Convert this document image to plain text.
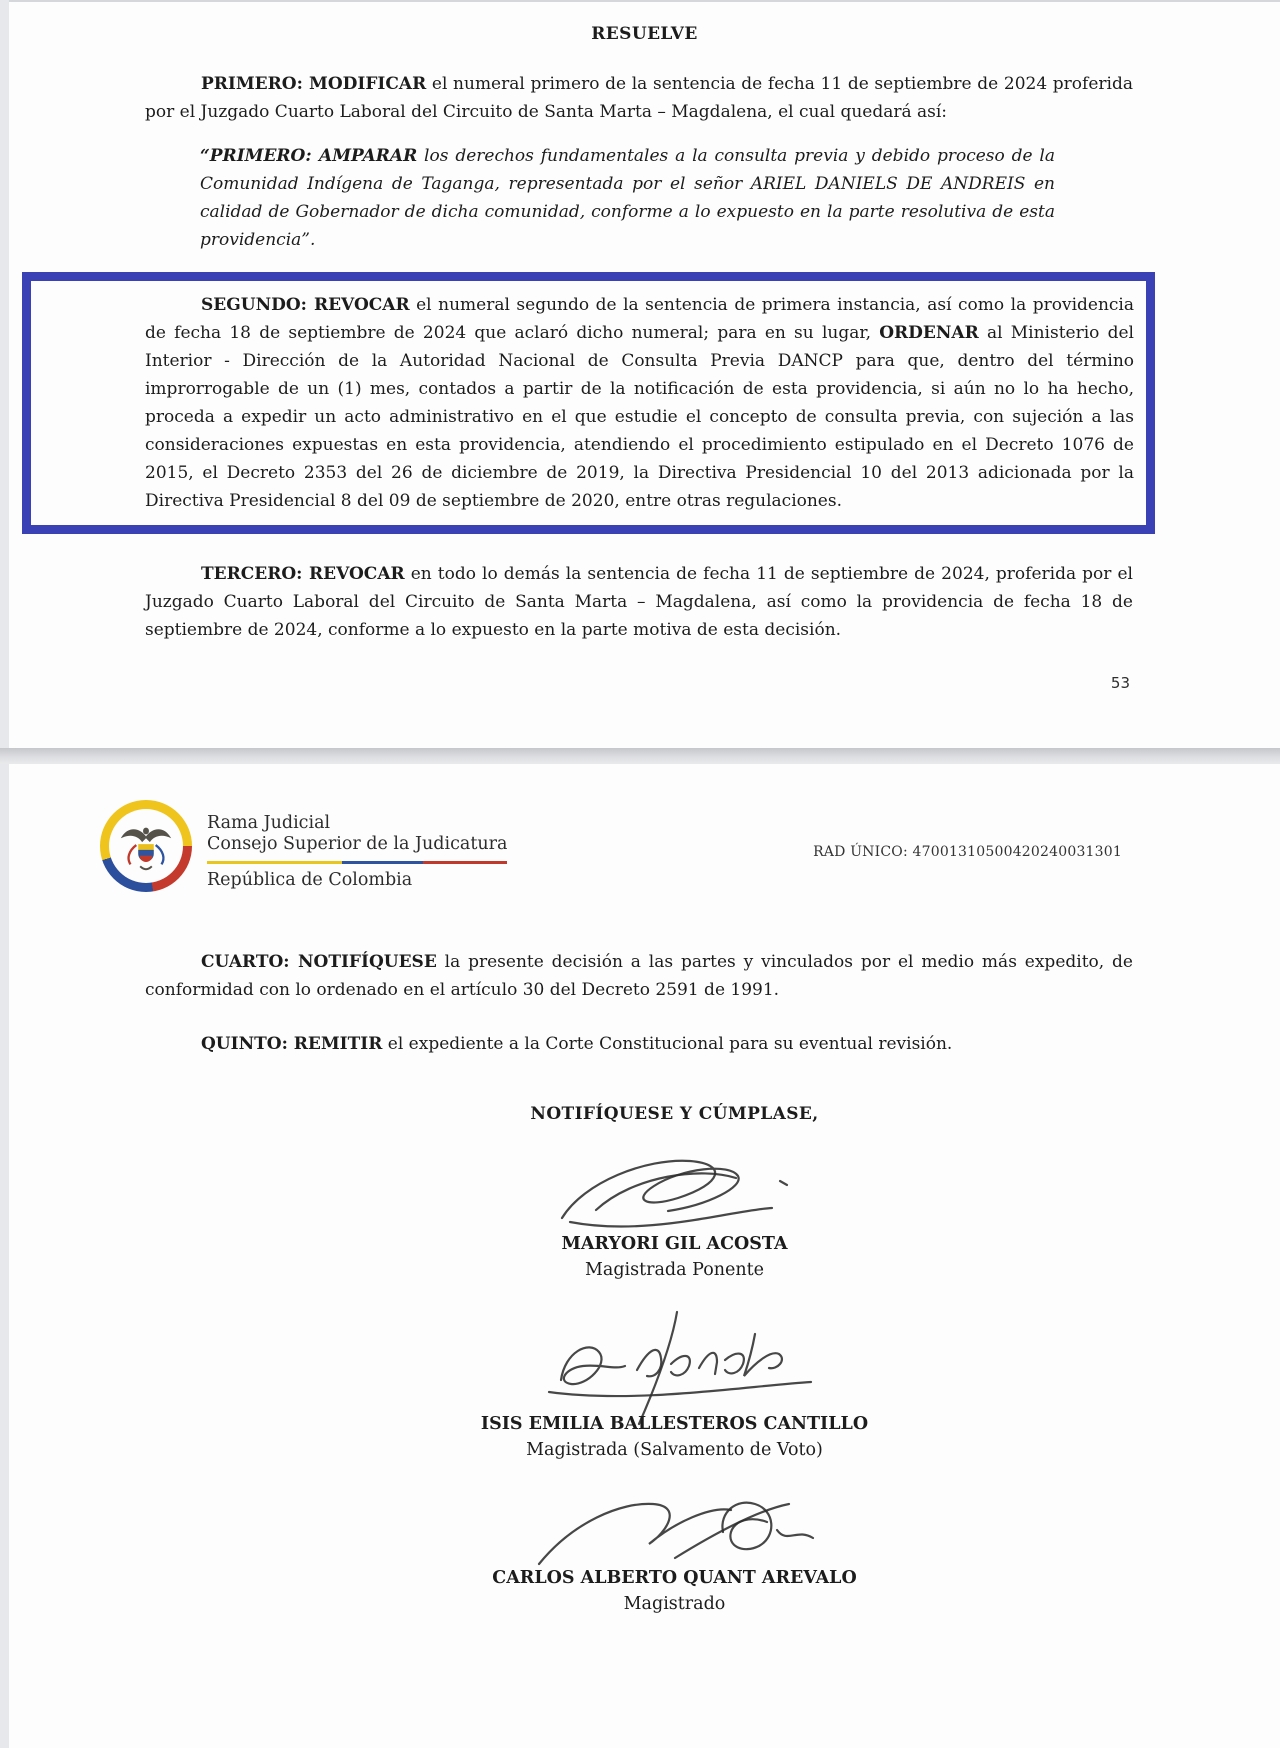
RESUELVE

PRIMERO: MODIFICAR el numeral primero de la sentencia de fecha 11 de septiembre de 2024 proferida por el Juzgado Cuarto Laboral del Circuito de Santa Marta – Magdalena, el cual quedará así:

“PRIMERO: AMPARAR los derechos fundamentales a la consulta previa y debido proceso de la Comunidad Indígena de Taganga, representada por el señor ARIEL DANIELS DE ANDREIS en calidad de Gobernador de dicha comunidad, conforme a lo expuesto en la parte resolutiva de esta providencia”.

SEGUNDO: REVOCAR el numeral segundo de la sentencia de primera instancia, así como la providencia de fecha 18 de septiembre de 2024 que aclaró dicho numeral; para en su lugar, ORDENAR al Ministerio del Interior - Dirección de la Autoridad Nacional de Consulta Previa DANCP para que, dentro del término improrrogable de un (1) mes, contados a partir de la notificación de esta providencia, si aún no lo ha hecho, proceda a expedir un acto administrativo en el que estudie el concepto de consulta previa, con sujeción a las consideraciones expuestas en esta providencia, atendiendo el procedimiento estipulado en el Decreto 1076 de 2015, el Decreto 2353 del 26 de diciembre de 2019, la Directiva Presidencial 10 del 2013 adicionada por la Directiva Presidencial 8 del 09 de septiembre de 2020, entre otras regulaciones.

TERCERO: REVOCAR en todo lo demás la sentencia de fecha 11 de septiembre de 2024, proferida por el Juzgado Cuarto Laboral del Circuito de Santa Marta – Magdalena, así como la providencia de fecha 18 de septiembre de 2024, conforme a lo expuesto en la parte motiva de esta decisión.

53
Rama Judicial
Consejo Superior de la Judicatura
República de Colombia
RAD ÚNICO: 47001310500420240031301

CUARTO: NOTIFÍQUESE la presente decisión a las partes y vinculados por el medio más expedito, de conformidad con lo ordenado en el artículo 30 del Decreto 2591 de 1991.

QUINTO: REMITIR el expediente a la Corte Constitucional para su eventual revisión.

NOTIFÍQUESE Y CÚMPLASE,
MARYORI GIL ACOSTA
Magistrada Ponente
ISIS EMILIA BALLESTEROS CANTILLO
Magistrada (Salvamento de Voto)
CARLOS ALBERTO QUANT AREVALO
Magistrado
